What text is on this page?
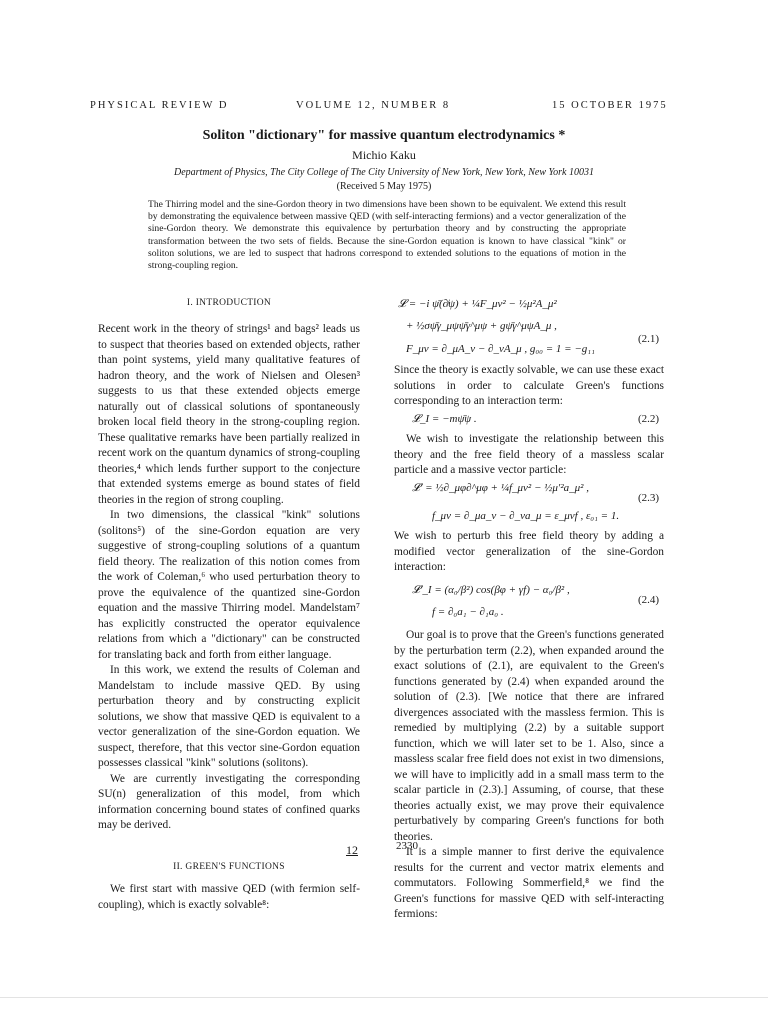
PHYSICAL REVIEW D	VOLUME 12, NUMBER 8	15 OCTOBER 1975
Soliton "dictionary" for massive quantum electrodynamics *
Michio Kaku
Department of Physics, The City College of The City University of New York, New York, New York 10031
(Received 5 May 1975)
The Thirring model and the sine-Gordon theory in two dimensions have been shown to be equivalent. We extend this result by demonstrating the equivalence between massive QED (with self-interacting fermions) and a vector generalization of the sine-Gordon theory. We demonstrate this equivalence by perturbation theory and by constructing the appropriate transformation between the two sets of fields. Because the sine-Gordon equation is known to have classical "kink" or soliton solutions, we are led to suspect that hadrons correspond to extended solutions to the equations of motion in the strong-coupling region.
I. INTRODUCTION

Recent work in the theory of strings¹ and bags² leads us to suspect that theories based on extended objects, rather than point systems, yield many qualitative features of hadron theory, and the work of Nielsen and Olesen³ suggests to us that these extended objects emerge naturally out of classical solutions of spontaneously broken local field theory in the strong-coupling region. These qualitative remarks have been partially realized in recent work on the quantum dynamics of strong-coupling theories,⁴ which lends further support to the conjecture that extended systems emerge as bound states of field theories in the region of strong coupling.

In two dimensions, the classical "kink" solutions (solitons⁵) of the sine-Gordon equation are very suggestive of strong-coupling solutions of a quantum field theory. The realization of this notion comes from the work of Coleman,⁶ who used perturbation theory to prove the equivalence of the quantized sine-Gordon equation and the massive Thirring model. Mandelstam⁷ has explicitly constructed the operator equivalence relations from which a "dictionary" can be constructed for translating back and forth from either language.

In this work, we extend the results of Coleman and Mandelstam to include massive QED. By using perturbation theory and by constructing explicit solutions, we show that massive QED is equivalent to a vector generalization of the sine-Gordon equation. We suspect, therefore, that this vector sine-Gordon equation possesses classical "kink" solutions (solitons).

We are currently investigating the corresponding SU(n) generalization of this model, from which information concerning bound states of confined quarks may be derived.

II. GREEN'S FUNCTIONS

We first start with massive QED (with fermion self-coupling), which is exactly solvable⁸:

𝓛 = −i ψ̄(∂̸ψ) + ¼F_μν² − ½μ²A_μ²
+ ½σψ̄γ_μψψ̄γ^μψ + gψ̄γ^μψA_μ ,
F_μν = ∂_μA_ν − ∂_νA_μ , g₀₀ = 1 = −g₁₁
(2.1)

Since the theory is exactly solvable, we can use these exact solutions in order to calculate Green's functions corresponding to an interaction term:

𝓛_I = −mψ̄ψ .	(2.2)

We wish to investigate the relationship between this theory and the free field theory of a massless scalar particle and a massive vector particle:

𝓛′ = ½∂_μφ∂^μφ + ¼f_μν² − ½μ′²a_μ² ,
f_μν = ∂_μa_ν − ∂_νa_μ = ε_μνf , ε₀₁ = 1.
(2.3)

We wish to perturb this free field theory by adding a modified vector generalization of the sine-Gordon interaction:

𝓛′_I = (α₀/β²) cos(βφ + γf) − α₀/β² ,
f = ∂₀a₁ − ∂₁a₀ .
(2.4)

Our goal is to prove that the Green's functions generated by the perturbation term (2.2), when expanded around the exact solutions of (2.1), are equivalent to the Green's functions generated by (2.4) when expanded around the solution of (2.3). [We notice that there are infrared divergences associated with the massless fermion. This is remedied by multiplying (2.2) by a suitable support function, which we will later set to be 1. Also, since a massless scalar free field does not exist in two dimensions, we will have to implicitly add in a small mass term to the scalar particle in (2.3).] Assuming, of course, that these theories actually exist, we may prove their equivalence perturbatively by comparing Green's functions for both theories.

It is a simple manner to first derive the equivalence results for the current and vector matrix elements and commutators. Following Sommerfield,⁸ we find the Green's functions for massive QED with self-interacting fermions:

12	2330
